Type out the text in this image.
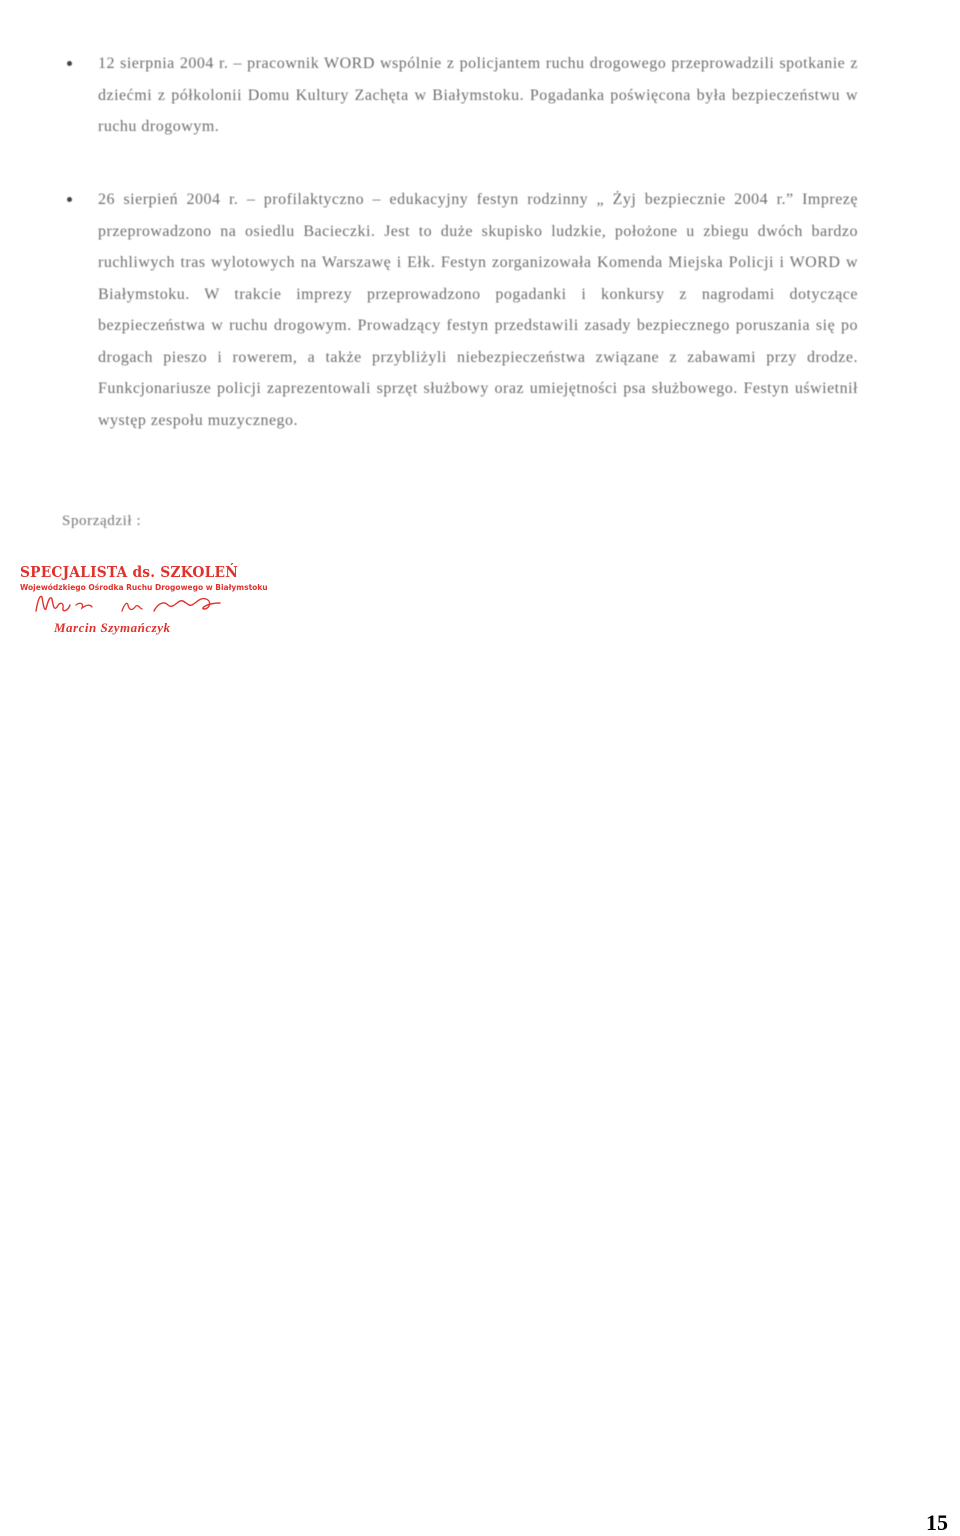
12 sierpnia 2004 r. – pracownik WORD wspólnie z policjantem ruchu drogowego przeprowadzili spotkanie z dziećmi z półkolonii Domu Kultury Zachęta w Białymstoku. Pogadanka poświęcona była bezpieczeństwu w ruchu drogowym.
26 sierpień 2004 r. – profilaktyczno – edukacyjny festyn rodzinny „ Żyj bezpiecznie 2004 r.” Imprezę przeprowadzono na osiedlu Bacieczki. Jest to duże skupisko ludzkie, położone u zbiegu dwóch bardzo ruchliwych tras wylotowych na Warszawę i Ełk. Festyn zorganizowała Komenda Miejska Policji i WORD w Białymstoku. W trakcie imprezy przeprowadzono pogadanki i konkursy z nagrodami dotyczące bezpieczeństwa w ruchu drogowym. Prowadzący festyn przedstawili zasady bezpiecznego poruszania się po drogach pieszo i rowerem, a także przybliżyli niebezpieczeństwa związane z zabawami przy drodze. Funkcjonariusze policji zaprezentowali sprzęt służbowy oraz umiejętności psa służbowego. Festyn uświetnił występ zespołu muzycznego.
Sporządził :
SPECJALISTA ds. SZKOLEŃ
Wojewódzkiego Ośrodka Ruchu Drogowego w Białymstoku
Marcin Szymańczyk
15
